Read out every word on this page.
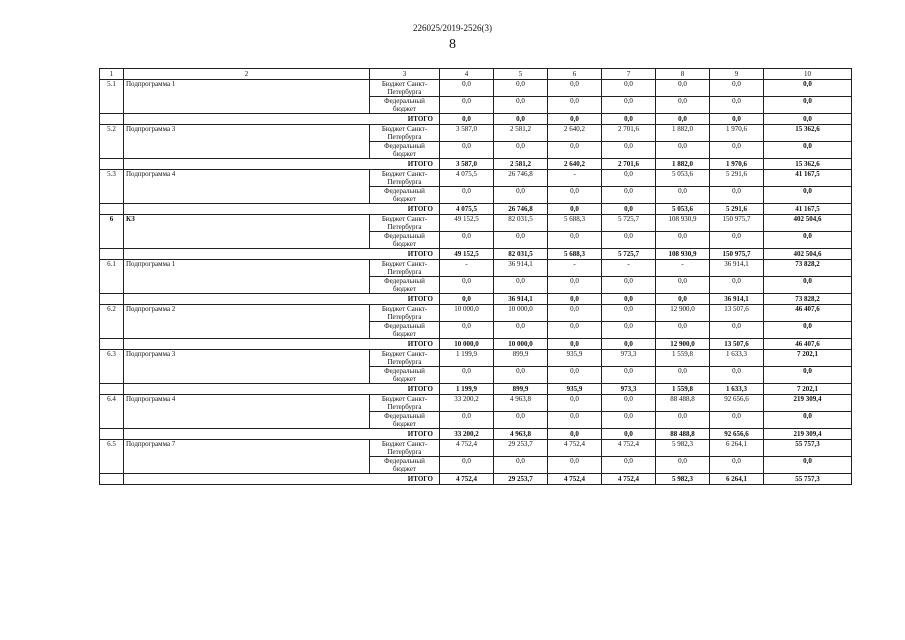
226025/2019-2526(3)
8
1	2	3	4	5	6	7	8	9	10
5.1	Подпрограмма 1	Бюджет Санкт-Петербурга	0,0	0,0	0,0	0,0	0,0	0,0	0,0
		Федеральный бюджет	0,0	0,0	0,0	0,0	0,0	0,0	0,0
	ИТОГО		0,0	0,0	0,0	0,0	0,0	0,0	0,0
5.2	Подпрограмма 3	Бюджет Санкт-Петербурга	3 587,0	2 581,2	2 640,2	2 701,6	1 882,0	1 970,6	15 362,6
		Федеральный бюджет	0,0	0,0	0,0	0,0	0,0	0,0	0,0
	ИТОГО		3 587,0	2 581,2	2 640,2	2 701,6	1 882,0	1 970,6	15 362,6
5.3	Подпрограмма 4	Бюджет Санкт-Петербурга	4 075,5	26 746,8	-	0,0	5 053,6	5 291,6	41 167,5
		Федеральный бюджет	0,0	0,0	0,0	0,0	0,0	0,0	0,0
	ИТОГО		4 075,5	26 746,8	0,0	0,0	5 053,6	5 291,6	41 167,5
6	КЗ	Бюджет Санкт-Петербурга	49 152,5	82 031,5	5 688,3	5 725,7	108 930,9	150 975,7	402 504,6
		Федеральный бюджет	0,0	0,0	0,0	0,0	0,0	0,0	0,0
	ИТОГО		49 152,5	82 031,5	5 688,3	5 725,7	108 930,9	150 975,7	402 504,6
6.1	Подпрограмма 1	Бюджет Санкт-Петербурга	-	36 914,1	-	-	-	36 914,1	73 828,2
		Федеральный бюджет	0,0	0,0	0,0	0,0	0,0	0,0	0,0
	ИТОГО		0,0	36 914,1	0,0	0,0	0,0	36 914,1	73 828,2
6.2	Подпрограмма 2	Бюджет Санкт-Петербурга	10 000,0	10 000,0	0,0	0,0	12 900,0	13 507,6	46 407,6
		Федеральный бюджет	0,0	0,0	0,0	0,0	0,0	0,0	0,0
	ИТОГО		10 000,0	10 000,0	0,0	0,0	12 900,0	13 507,6	46 407,6
6.3	Подпрограмма 3	Бюджет Санкт-Петербурга	1 199,9	899,9	935,9	973,3	1 559,8	1 633,3	7 202,1
		Федеральный бюджет	0,0	0,0	0,0	0,0	0,0	0,0	0,0
	ИТОГО		1 199,9	899,9	935,9	973,3	1 559,8	1 633,3	7 202,1
6.4	Подпрограмма 4	Бюджет Санкт-Петербурга	33 200,2	4 963,8	0,0	0,0	88 488,8	92 656,6	219 309,4
		Федеральный бюджет	0,0	0,0	0,0	0,0	0,0	0,0	0,0
	ИТОГО		33 200,2	4 963,8	0,0	0,0	88 488,8	92 656,6	219 309,4
6.5	Подпрограмма 7	Бюджет Санкт-Петербурга	4 752,4	29 253,7	4 752,4	4 752,4	5 982,3	6 264,1	55 757,3
		Федеральный бюджет	0,0	0,0	0,0	0,0	0,0	0,0	0,0
	ИТОГО		4 752,4	29 253,7	4 752,4	4 752,4	5 982,3	6 264,1	55 757,3
